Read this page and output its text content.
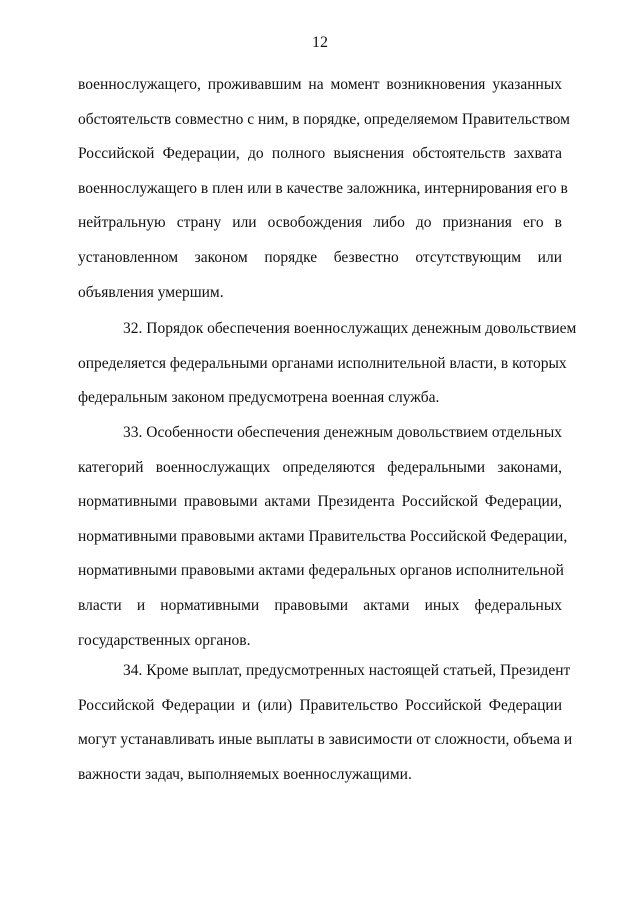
12
военнослужащего, проживавшим на момент возникновения указанных
обстоятельств совместно с ним, в порядке, определяемом Правительством
Российской Федерации, до полного выяснения обстоятельств захвата
военнослужащего в плен или в качестве заложника, интернирования его в
нейтральную страну или освобождения либо до признания его в
установленном законом порядке безвестно отсутствующим или
объявления умершим.
32. Порядок обеспечения военнослужащих денежным довольствием
определяется федеральными органами исполнительной власти, в которых
федеральным законом предусмотрена военная служба.
33. Особенности обеспечения денежным довольствием отдельных
категорий военнослужащих определяются федеральными законами,
нормативными правовыми актами Президента Российской Федерации,
нормативными правовыми актами Правительства Российской Федерации,
нормативными правовыми актами федеральных органов исполнительной
власти и нормативными правовыми актами иных федеральных
государственных органов.
34. Кроме выплат, предусмотренных настоящей статьей, Президент
Российской Федерации и (или) Правительство Российской Федерации
могут устанавливать иные выплаты в зависимости от сложности, объема и
важности задач, выполняемых военнослужащими.
